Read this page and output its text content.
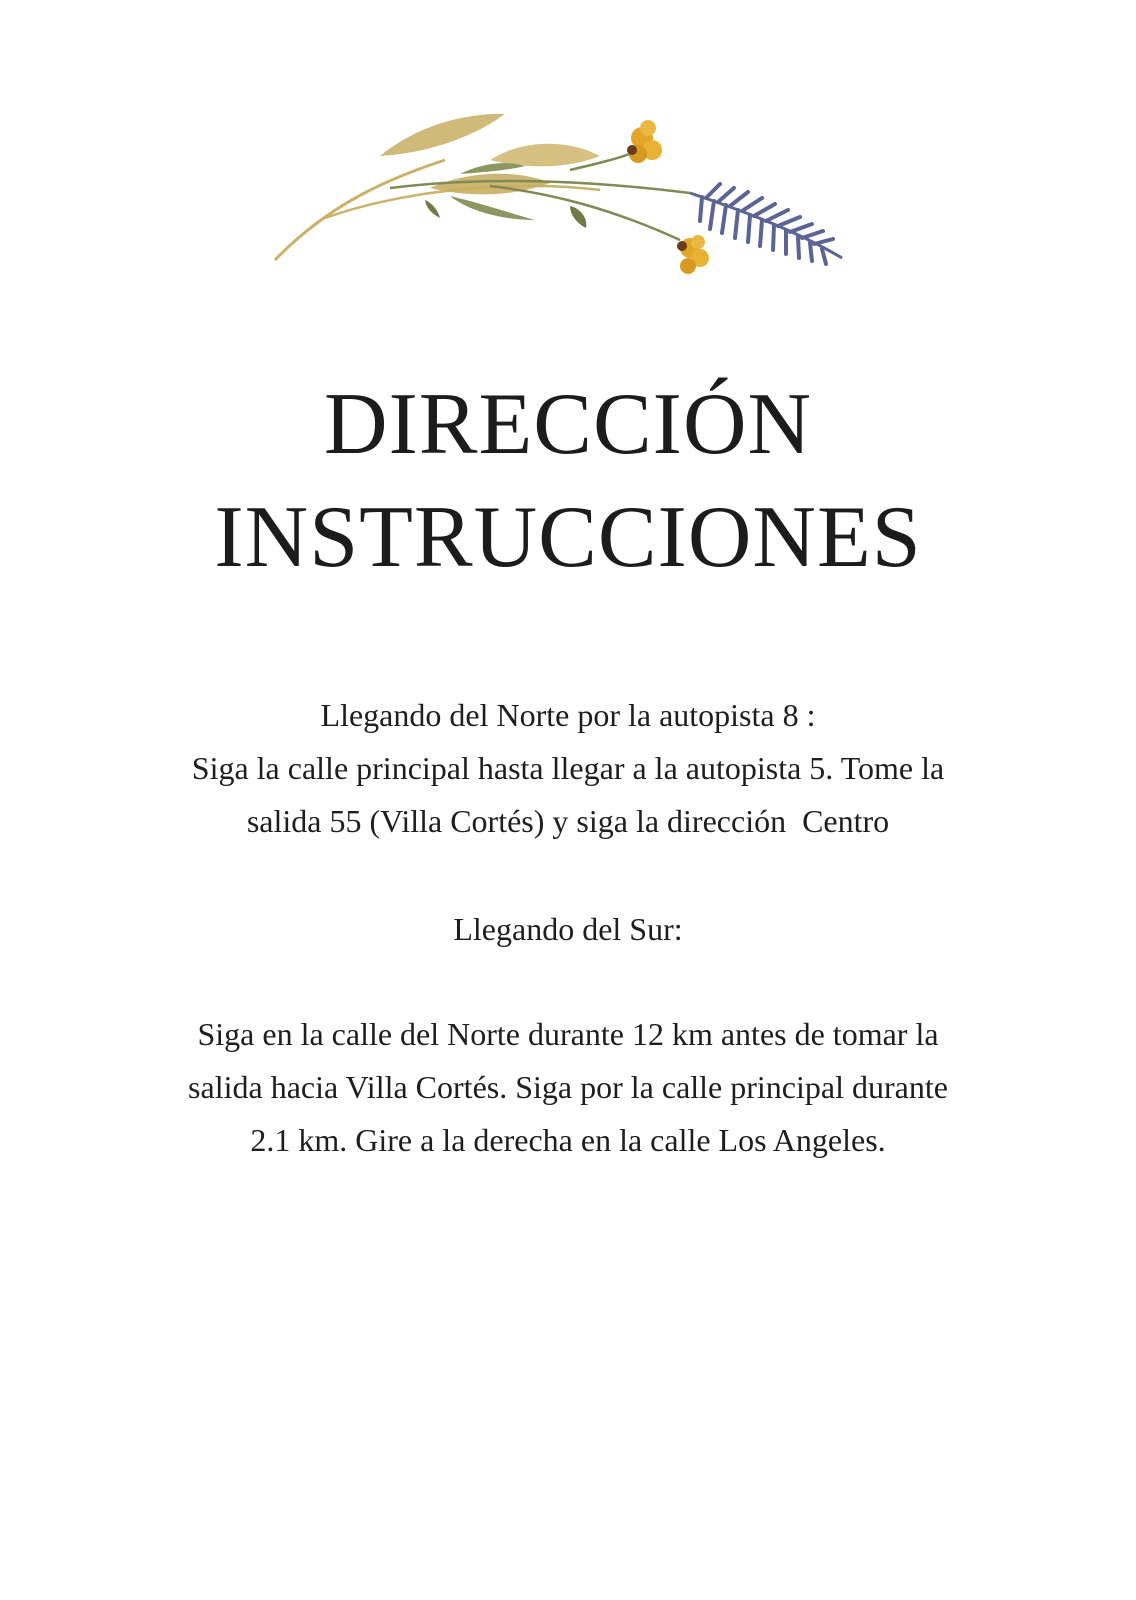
DIRECCIÓN
INSTRUCCIONES
Llegando del Norte por la autopista 8 :
Siga la calle principal hasta llegar a la autopista 5. Tome la
salida 55 (Villa Cortés) y siga la dirección  Centro
Llegando del Sur:
Siga en la calle del Norte durante 12 km antes de tomar la
salida hacia Villa Cortés. Siga por la calle principal durante
2.1 km. Gire a la derecha en la calle Los Angeles.
